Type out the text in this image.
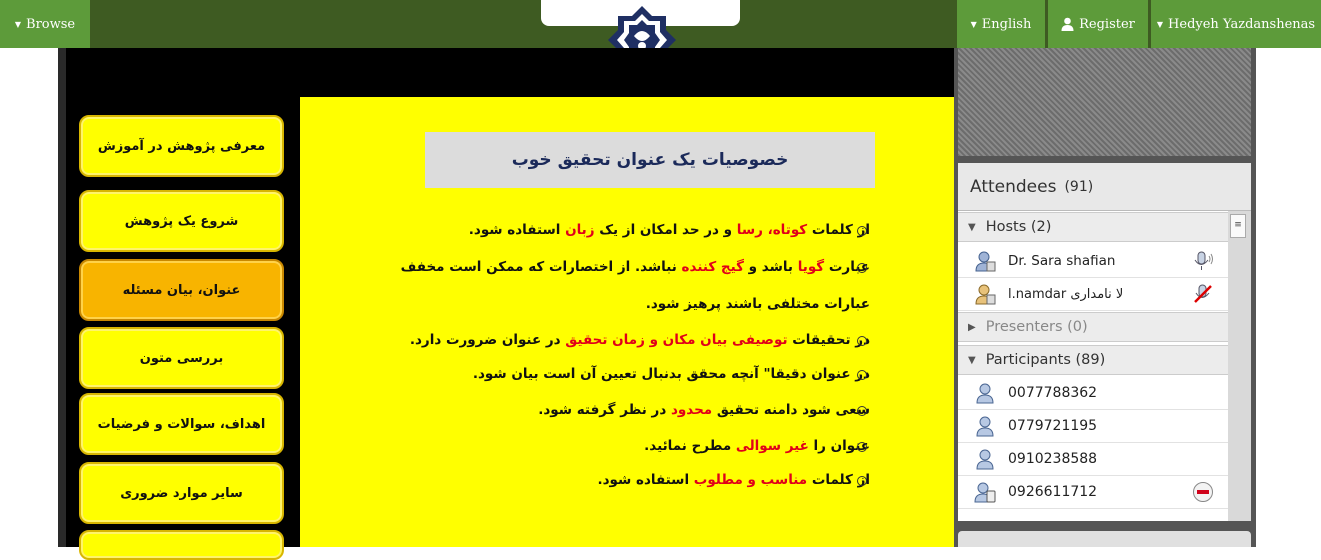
▼ Browse	▼ English	Register	▼ Hedyeh Yazdanshenas
معرفی پژوهش در آموزش
شروع یک پژوهش
عنوان، بیان مسئله
بررسی متون
اهداف، سوالات و فرضیات
سایر موارد ضروری
خصوصیات یک عنوان تحقیق خوب
از کلمات کوتاه، رسا و در حد امکان از یک زبان استفاده شود.
عبارت گویا باشد و گیج کننده نباشد. از اختصارات که ممکن است مخفف
عبارات مختلفی باشند پرهیز شود.
در تحقیقات توصیفی بیان مکان و زمان تحقیق در عنوان ضرورت دارد.
در عنوان دقیقا" آنچه محقق بدنبال تعیین آن است بیان شود.
سعی شود دامنه تحقیق محدود در نظر گرفته شود.
عنوان را غیر سوالی مطرح نمائید.
از کلمات مناسب و مطلوب استفاده شود.
Attendees (91)
≡
▼ Hosts (2)
Dr. Sara shafian
l.namdar لا نامداری
▶ Presenters (0)
▼ Participants (89)
0077788362
0779721195
0910238588
0926611712
